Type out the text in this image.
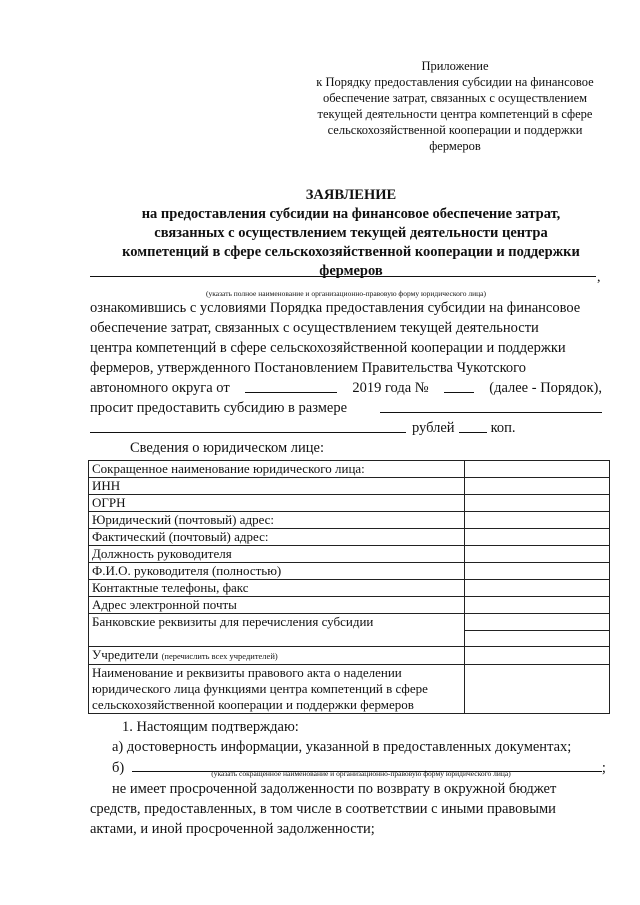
Приложение
к Порядку предоставления субсидии на финансовое
обеспечение затрат, связанных с осуществлением
текущей деятельности центра компетенций в сфере
сельскохозяйственной кооперации и поддержки
фермеров
ЗАЯВЛЕНИЕ
на предоставления субсидии на финансовое обеспечение затрат,
связанных с осуществлением текущей деятельности центра
компетенций в сфере сельскохозяйственной кооперации и поддержки
фермеров	,
(указать полное наименование и организационно-правовую форму юридического лица)
ознакомившись с условиями Порядка предоставления субсидии на финансовое
обеспечение затрат, связанных с осуществлением текущей деятельности
центра компетенций в сфере сельскохозяйственной кооперации и поддержки
фермеров, утвержденного Постановлением Правительства Чукотского
автономного округа от	2019 года №	(далее - Порядок),
просит предоставить субсидию в размере
рублей коп.
Сведения о юридическом лице:
Сокращенное наименование юридического лица:	
ИНН	
ОГРН	
Юридический (почтовый) адрес:	
Фактический (почтовый) адрес:	
Должность руководителя	
Ф.И.О. руководителя (полностью)	
Контактные телефоны, факс	
Адрес электронной почты	
Банковские реквизиты для перечисления субсидии	

Учредители (перечислить всех учредителей)	

Наименование и реквизиты правового акта о наделении
юридического лица функциями центра компетенций в сфере
сельскохозяйственной кооперации и поддержки фермеров	

1. Настоящим подтверждаю:
а) достоверность информации, указанной в предоставленных документах;
б)	;
(указать сокращенное наименование и организационно-правовую форму юридического лица)
не имеет просроченной задолженности по возврату в окружной бюджет
средств, предоставленных, в том числе в соответствии с иными правовыми
актами, и иной просроченной задолженности;
